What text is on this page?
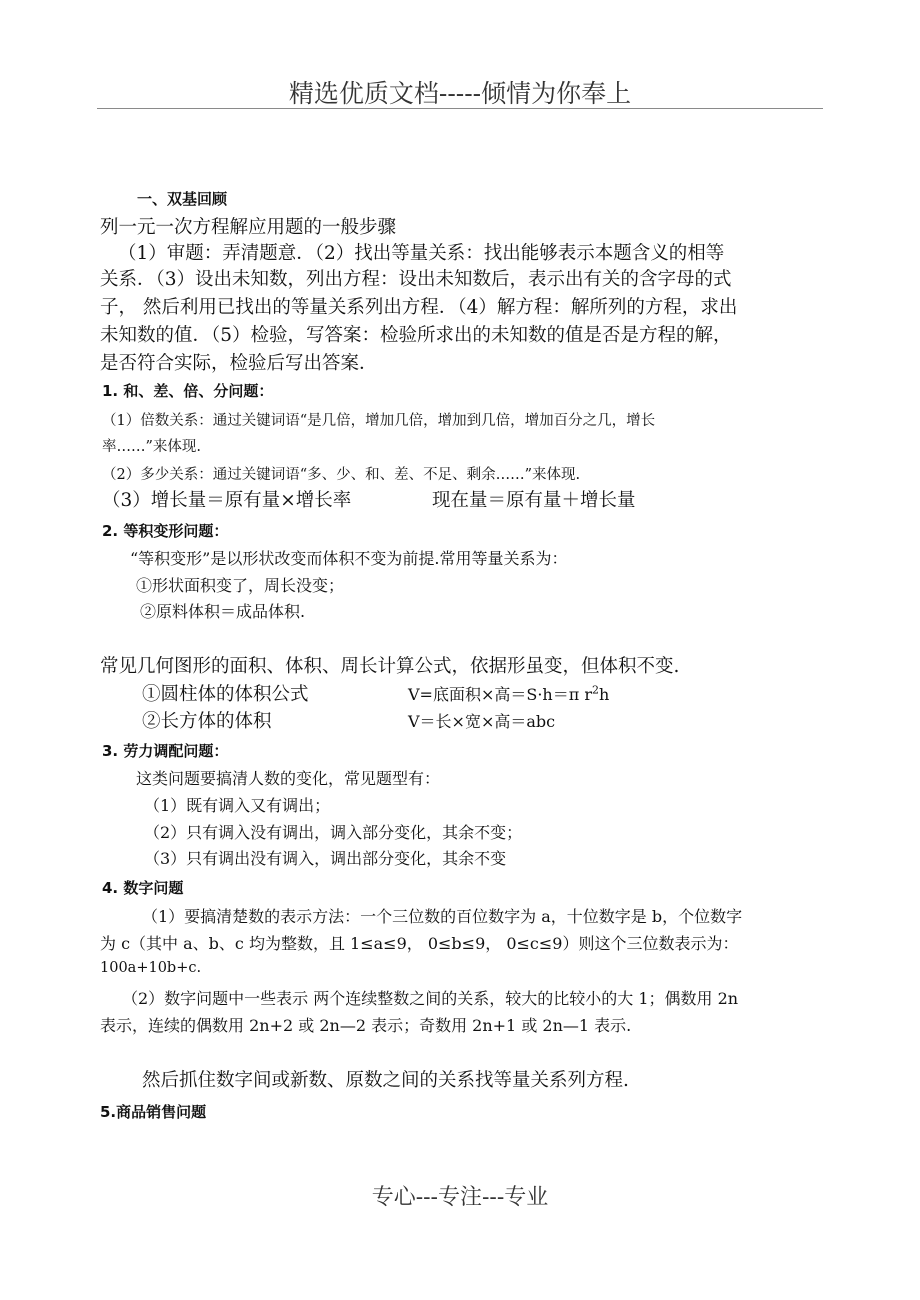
精选优质文档-----倾情为你奉上
一、双基回顾
列一元一次方程解应用题的一般步骤
（1）审题：弄清题意．（2）找出等量关系：找出能够表示本题含义的相等
关系．（3）设出未知数，列出方程：设出未知数后，表示出有关的含字母的式
子， 然后利用已找出的等量关系列出方程．（4）解方程：解所列的方程，求出
未知数的值．（5）检验，写答案：检验所求出的未知数的值是否是方程的解，
是否符合实际，检验后写出答案．
1. 和、差、倍、分问题：
（1）倍数关系：通过关键词语“是几倍，增加几倍，增加到几倍，增加百分之几，增长
率……”来体现.
（2）多少关系：通过关键词语“多、少、和、差、不足、剩余……”来体现.
（3）增长量＝原有量×增长率	现在量＝原有量＋增长量
2. 等积变形问题：
“等积变形”是以形状改变而体积不变为前提.常用等量关系为：
①形状面积变了，周长没变；
②原料体积＝成品体积.
常见几何图形的面积、体积、周长计算公式，依据形虽变，但体积不变.
①圆柱体的体积公式	V=底面积×高＝S·h＝π $r^2h$
②长方体的体积	V＝长×宽×高＝abc
3. 劳力调配问题：
这类问题要搞清人数的变化，常见题型有：
（1）既有调入又有调出；
（2）只有调入没有调出，调入部分变化，其余不变；
（3）只有调出没有调入，调出部分变化，其余不变
4. 数字问题
（1）要搞清楚数的表示方法：一个三位数的百位数字为 a，十位数字是 b，个位数字
为 c（其中 a、b、c 均为整数，且 1≤a≤9， 0≤b≤9， 0≤c≤9）则这个三位数表示为：
100a+10b+c.
（2）数字问题中一些表示 两个连续整数之间的关系，较大的比较小的大 1；偶数用 2n
表示，连续的偶数用 2n+2 或 2n—2 表示；奇数用 2n+1 或 2n—1 表示.
然后抓住数字间或新数、原数之间的关系找等量关系列方程.
5.商品销售问题
专心---专注---专业
